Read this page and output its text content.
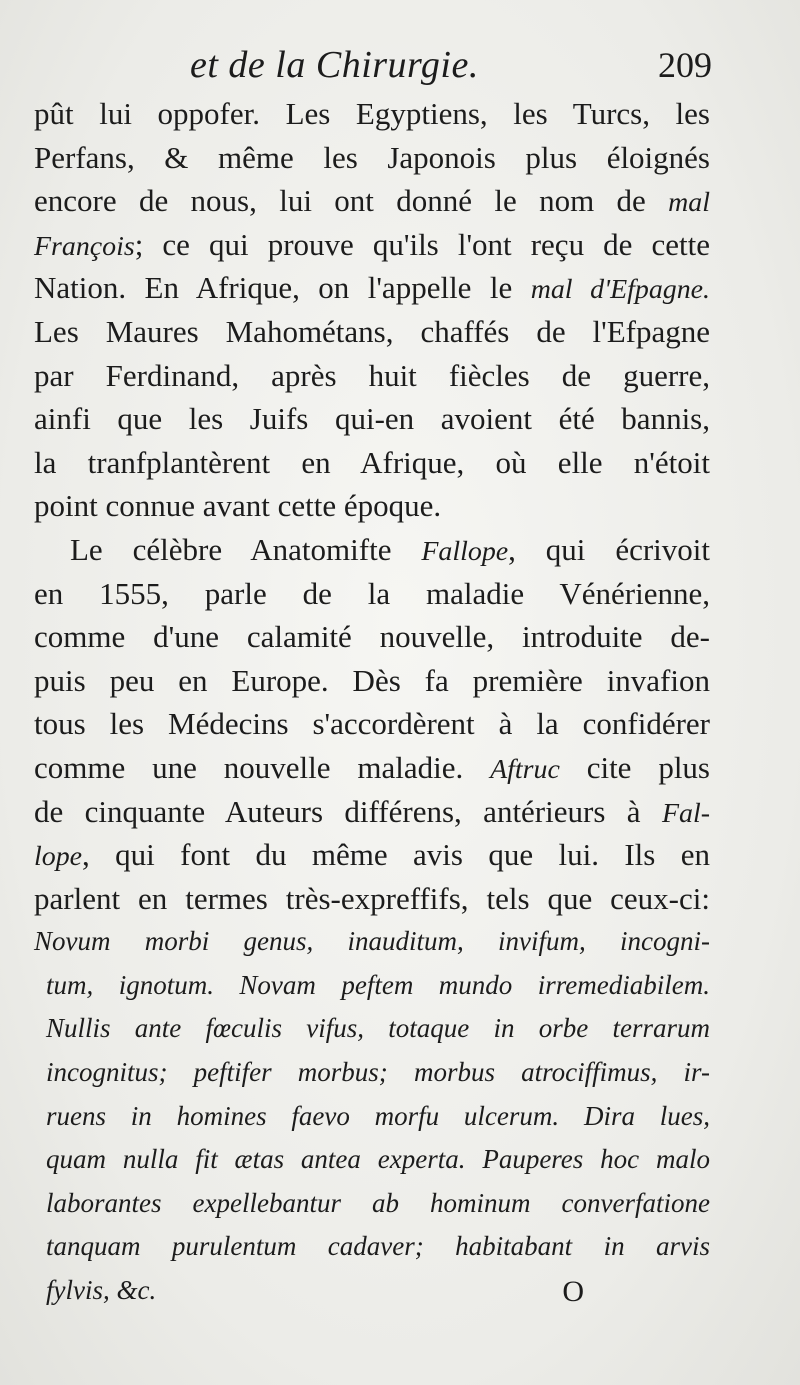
et de la Chirurgie.	209
pût lui oppofer. Les Egyptiens, les Turcs, les
Perfans, & même les Japonois plus éloignés
encore de nous, lui ont donné le nom de mal
François; ce qui prouve qu'ils l'ont reçu de cette
Nation. En Afrique, on l'appelle le mal d'Efpagne.
Les Maures Mahométans, chaffés de l'Efpagne
par Ferdinand, après huit fiècles de guerre,
ainfi que les Juifs qui-en avoient été bannis,
la tranfplantèrent en Afrique, où elle n'étoit
point connue avant cette époque.
Le célèbre Anatomifte Fallope, qui écrivoit
en 1555, parle de la maladie Vénérienne,
comme d'une calamité nouvelle, introduite de-
puis peu en Europe. Dès fa première invafion
tous les Médecins s'accordèrent à la confidérer
comme une nouvelle maladie. Aftruc cite plus
de cinquante Auteurs différens, antérieurs à Fal-
lope, qui font du même avis que lui. Ils en
parlent en termes très-expreffifs, tels que ceux-ci:
Novum morbi genus, inauditum, invifum, incogni-
tum, ignotum. Novam peftem mundo irremediabilem.
Nullis ante fœculis vifus, totaque in orbe terrarum
incognitus; peftifer morbus; morbus atrociffimus, ir-
ruens in homines faevo morfu ulcerum. Dira lues,
quam nulla fit ætas antea experta. Pauperes hoc malo
laborantes expellebantur ab hominum converfatione
tanquam purulentum cadaver; habitabant in arvis
fylvis, &c.	O
